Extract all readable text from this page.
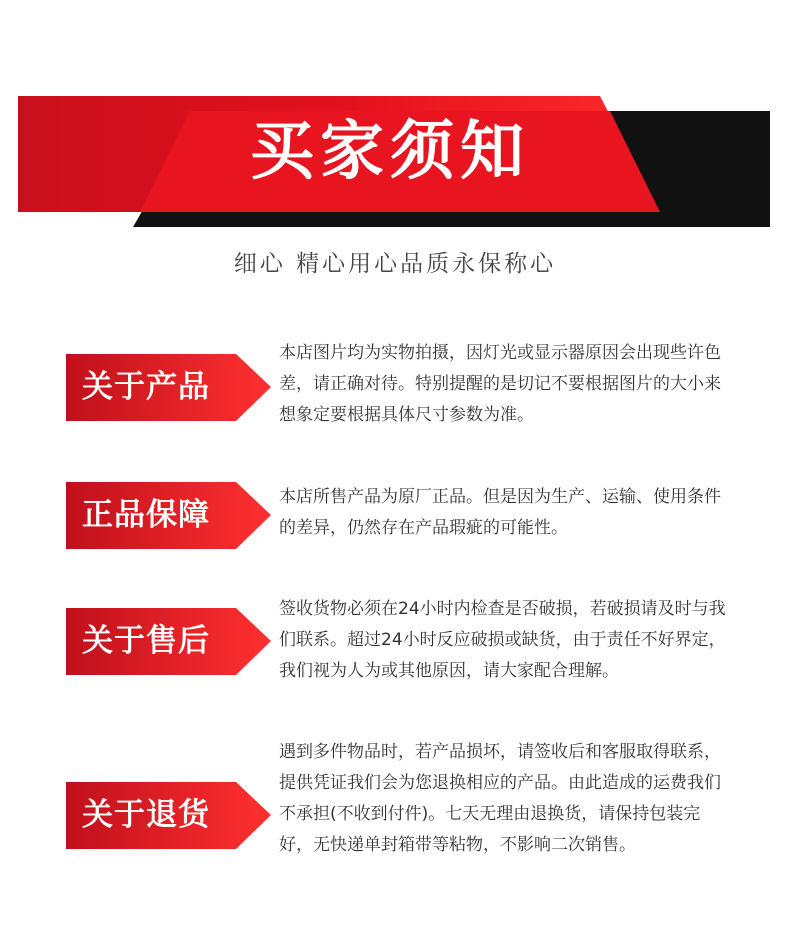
买家须知
细心 精心用心品质永保称心
关于产品

本店图片均为实物拍摄，因灯光或显示器原因会出现些许色差，请正确对待。特别提醒的是切记不要根据图片的大小来想象定要根据具体尺寸参数为准。

正品保障	本店所售产品为原厂正品。但是因为生产、运输、使用条件的差异，仍然存在产品瑕疵的可能性。

关于售后

签收货物必须在24小时内检查是否破损，若破损请及时与我们联系。超过24小时反应破损或缺货，由于责任不好界定，我们视为人为或其他原因，请大家配合理解。

关于退货

遇到多件物品时，若产品损坏，请签收后和客服取得联系，提供凭证我们会为您退换相应的产品。由此造成的运费我们不承担(不收到付件)。七天无理由退换货，请保持包装完好，无快递单封箱带等粘物，不影响二次销售。
